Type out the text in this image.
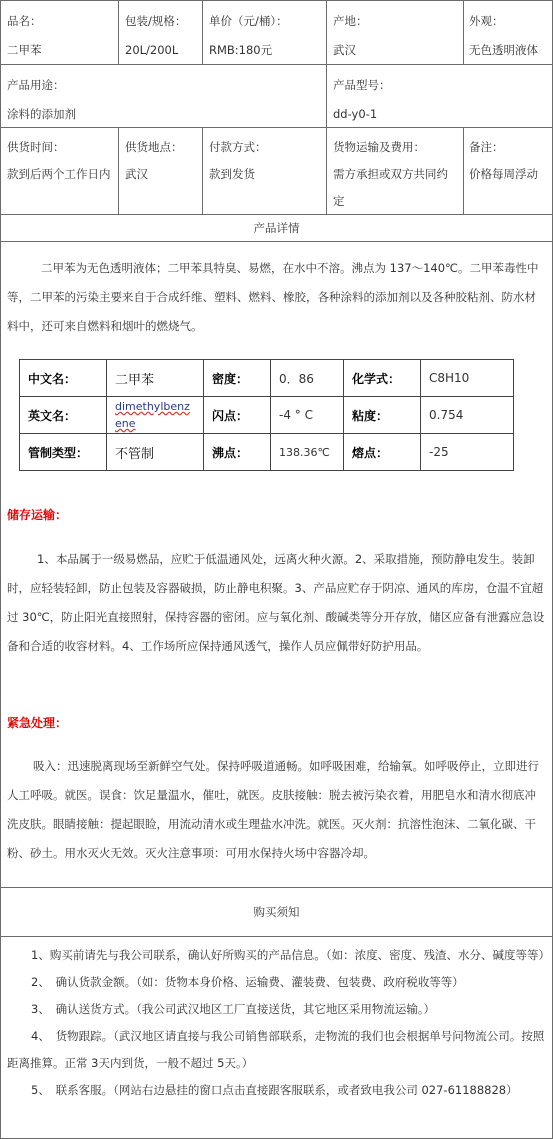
品名：
二甲苯
包装/规格：
20L/200L
单价（元/桶）：
RMB:180元
产地：
武汉
外观：
无色透明液体
产品用途：
涂料的添加剂
产品型号：
dd-y0-1
供货时间：
款到后两个工作日内
供货地点：
武汉
付款方式：
款到发货
货物运输及费用：
需方承担或双方共同约定
备注：
价格每周浮动
产品详情
二甲苯为无色透明液体；二甲苯具特臭、易燃，在水中不溶。沸点为 137～140℃。二甲苯毒性中等，二甲苯的污染主要来自于合成纤维、塑料、燃料、橡胶，各种涂料的添加剂以及各种胶粘剂、防水材料中，还可来自燃料和烟叶的燃烧气。
中文名：	二甲苯	密度：	0．86	化学式：	C8H10
英文名：	dimethylbenzene	闪点：	-4 ° C	粘度：	0.754
管制类型：	不管制	沸点：	138.36℃	熔点：	-25
储存运输：
1、本品属于一级易燃品，应贮于低温通风处，远离火种火源。2、采取措施，预防静电发生。装卸时，应轻装轻卸，防止包装及容器破损，防止静电积聚。3、产品应贮存于阴凉、通风的库房，仓温不宜超过 30℃，防止阳光直接照射，保持容器的密闭。应与氧化剂、酸碱类等分开存放，储区应备有泄露应急设备和合适的收容材料。4、工作场所应保持通风透气，操作人员应佩带好防护用品。
紧急处理：
吸入：迅速脱离现场至新鲜空气处。保持呼吸道通畅。如呼吸困难，给输氧。如呼吸停止，立即进行人工呼吸。就医。误食：饮足量温水，催吐，就医。皮肤接触：脱去被污染衣着，用肥皂水和清水彻底冲洗皮肤。眼睛接触：提起眼睑，用流动清水或生理盐水冲洗。就医。灭火剂：抗溶性泡沫、二氧化碳、干粉、砂土。用水灭火无效。灭火注意事项：可用水保持火场中容器冷却。
购买须知

1、购买前请先与我公司联系，确认好所购买的产品信息。（如：浓度、密度、残渣、水分、碱度等等）

2、　确认货款金额。（如：货物本身价格、运输费、灌装费、包装费、政府税收等等）

3、　确认送货方式。（我公司武汉地区工厂直接送货，其它地区采用物流运输。）

4、　货物跟踪。（武汉地区请直接与我公司销售部联系，走物流的我们也会根据单号问物流公司。按照距离推算。正常 3天内到货，一般不超过 5天。）

5、　联系客服。（网站右边悬挂的窗口点击直接跟客服联系，或者致电我公司 027-61188828）
